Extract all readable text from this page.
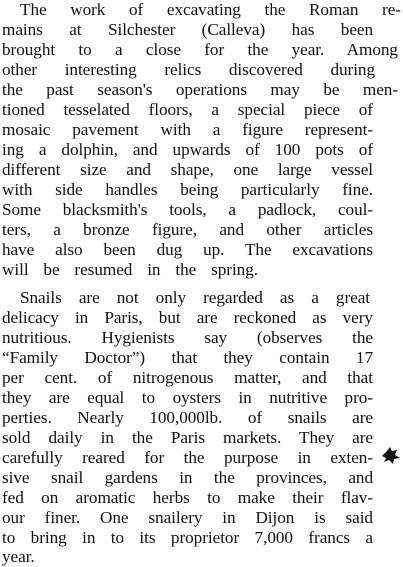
The work of excavating the Roman re-
mains at Silchester (Calleva) has been
brought to a close for the year. Among
other interesting relics discovered during
the past season's operations may be men-
tioned tesselated floors, a special piece of
mosaic pavement with a figure represent-
ing a dolphin, and upwards of 100 pots of
different size and shape, one large vessel
with side handles being particularly fine.
Some blacksmith's tools, a padlock, coul-
ters, a bronze figure, and other articles
have also been dug up. The excavations
will be resumed in the spring.
Snails are not only regarded as a great
delicacy in Paris, but are reckoned as very
nutritious. Hygienists say (observes the
“Family Doctor”) that they contain 17
per cent. of nitrogenous matter, and that
they are equal to oysters in nutritive pro-
perties. Nearly 100,000lb. of snails are
sold daily in the Paris markets. They are
carefully reared for the purpose in exten-
sive snail gardens in the provinces, and
fed on aromatic herbs to make their flav-
our finer. One snailery in Dijon is said
to bring in to its proprietor 7,000 francs a
year.
